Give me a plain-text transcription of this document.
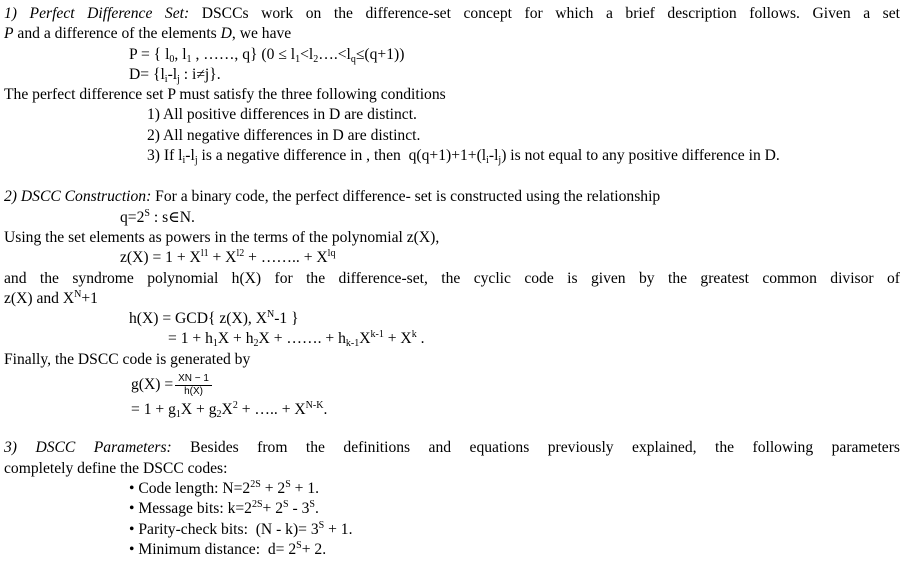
1) Perfect Difference Set: DSCCs work on the difference-set concept for which a brief description follows. Given a set
P and a difference of the elements D, we have
P = { $l_0$, $l_1$ , ……, q} $(0 \le l_1<l_2\dots.<l_q\le(q+1))$
$D= \{l_i-l_j$ : i≠j}.
The perfect difference set P must satisfy the three following conditions
1) All positive differences in D are distinct.
2) All negative differences in D are distinct.
3) If $l_i-l_j$ is a negative difference in , then  $q(q+1)+1+(l_i-l_j)$ is not equal to any positive difference in D.
2) DSCC Construction: For a binary code, the perfect difference- set is constructed using the relationship
$q=2^S$ : s∈N.
Using the set elements as powers in the terms of the polynomial z(X),
$z(X) = 1 + X^{l1} + X^{l2}$ + …….. + $X^{lq}$
and the syndrome polynomial h(X) for the difference-set, the cyclic code is given by the greatest common divisor of
z(X) and $X^N+1$
h(X) = GCD{ z(X), $X^N-1$ }
= $1 + h_1X + h_2X$ + ……. + $h_{k-1}X^{k-1} + X^k$ .
Finally, the DSCC code is generated by
$g(X) = \frac{XN - 1}{h(X)}$
= $1 + g_1X + g_2X^2$ + ….. + $X^{N-K}$.
3) DSCC Parameters: Besides from the definitions and equations previously explained, the following parameters
completely define the DSCC codes:
• Code length: $N=2^{2S} + 2^S + 1$.
• Message bits: $k=2^{2S}+ 2^S - 3^S$.
• Parity-check bits:  $(N - k)= 3^S + 1$.
• Minimum distance:  $d= 2^S+ 2$.
